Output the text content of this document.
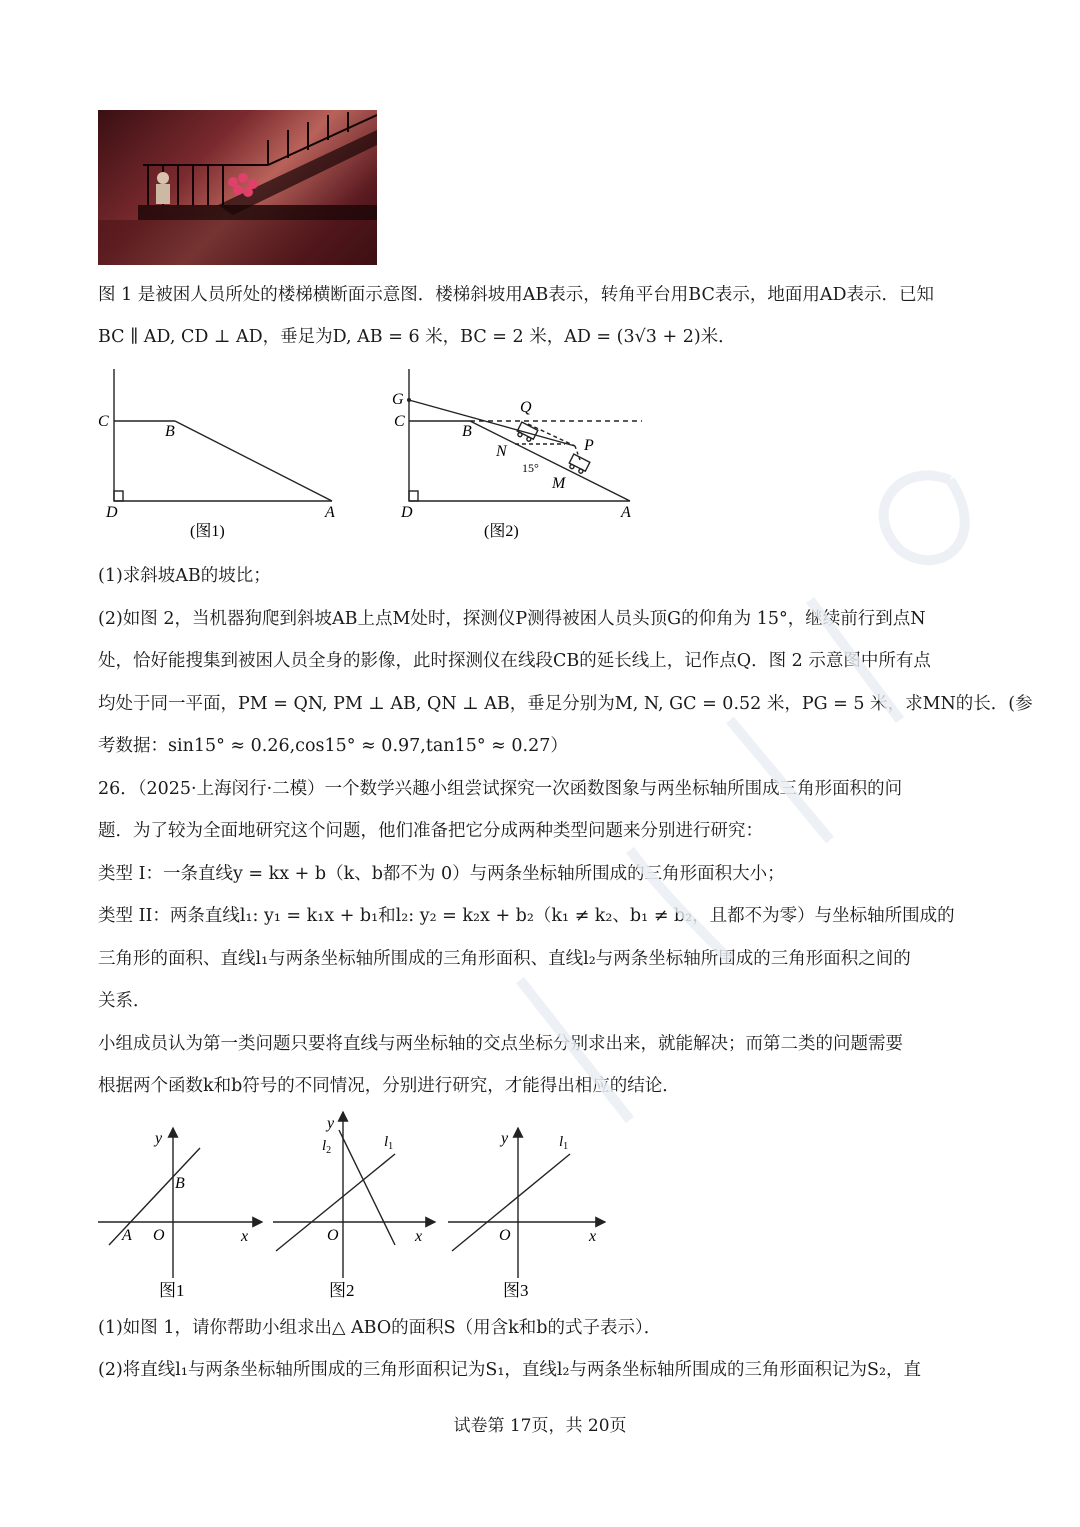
图 1 是被困人员所处的楼梯横断面示意图．楼梯斜坡用AB表示，转角平台用BC表示，地面用AD表示．已知
BC ∥ AD, CD ⊥ AD，垂足为D, AB = 6 米，BC = 2 米，AD = (3√3 + 2)米．
C
B
D	A
(图1)
G
C
B
Q
P
N
15°
M
D	A
(图2)
(1)求斜坡AB的坡比；
(2)如图 2，当机器狗爬到斜坡AB上点M处时，探测仪P测得被困人员头顶G的仰角为 15°，继续前行到点N
处，恰好能搜集到被困人员全身的影像，此时探测仪在线段CB的延长线上，记作点Q．图 2 示意图中所有点
均处于同一平面，PM = QN, PM ⊥ AB, QN ⊥ AB，垂足分别为M, N, GC = 0.52 米，PG = 5 米，求MN的长．(参
考数据：sin15° ≈ 0.26,cos15° ≈ 0.97,tan15° ≈ 0.27）
26．（2025·上海闵行·二模）一个数学兴趣小组尝试探究一次函数图象与两坐标轴所围成三角形面积的问
题．为了较为全面地研究这个问题，他们准备把它分成两种类型问题来分别进行研究：
类型 I：一条直线y = kx + b（k、b都不为 0）与两条坐标轴所围成的三角形面积大小；
类型 II：两条直线l₁: y₁ = k₁x + b₁和l₂: y₂ = k₂x + b₂（k₁ ≠ k₂、b₁ ≠ b₂，且都不为零）与坐标轴所围成的
三角形的面积、直线l₁与两条坐标轴所围成的三角形面积、直线l₂与两条坐标轴所围成的三角形面积之间的
关系．
小组成员认为第一类问题只要将直线与两坐标轴的交点坐标分别求出来，就能解决；而第二类的问题需要
根据两个函数k和b符号的不同情况，分别进行研究，才能得出相应的结论．
y
B
A O	x
图1
y
$l_2$
$l_1$
O	x
图2
y	$l_1$
O	x
图3
(1)如图 1，请你帮助小组求出△ ABO的面积S（用含k和b的式子表示）．
(2)将直线l₁与两条坐标轴所围成的三角形面积记为S₁，直线l₂与两条坐标轴所围成的三角形面积记为S₂，直
试卷第 17页，共 20页
